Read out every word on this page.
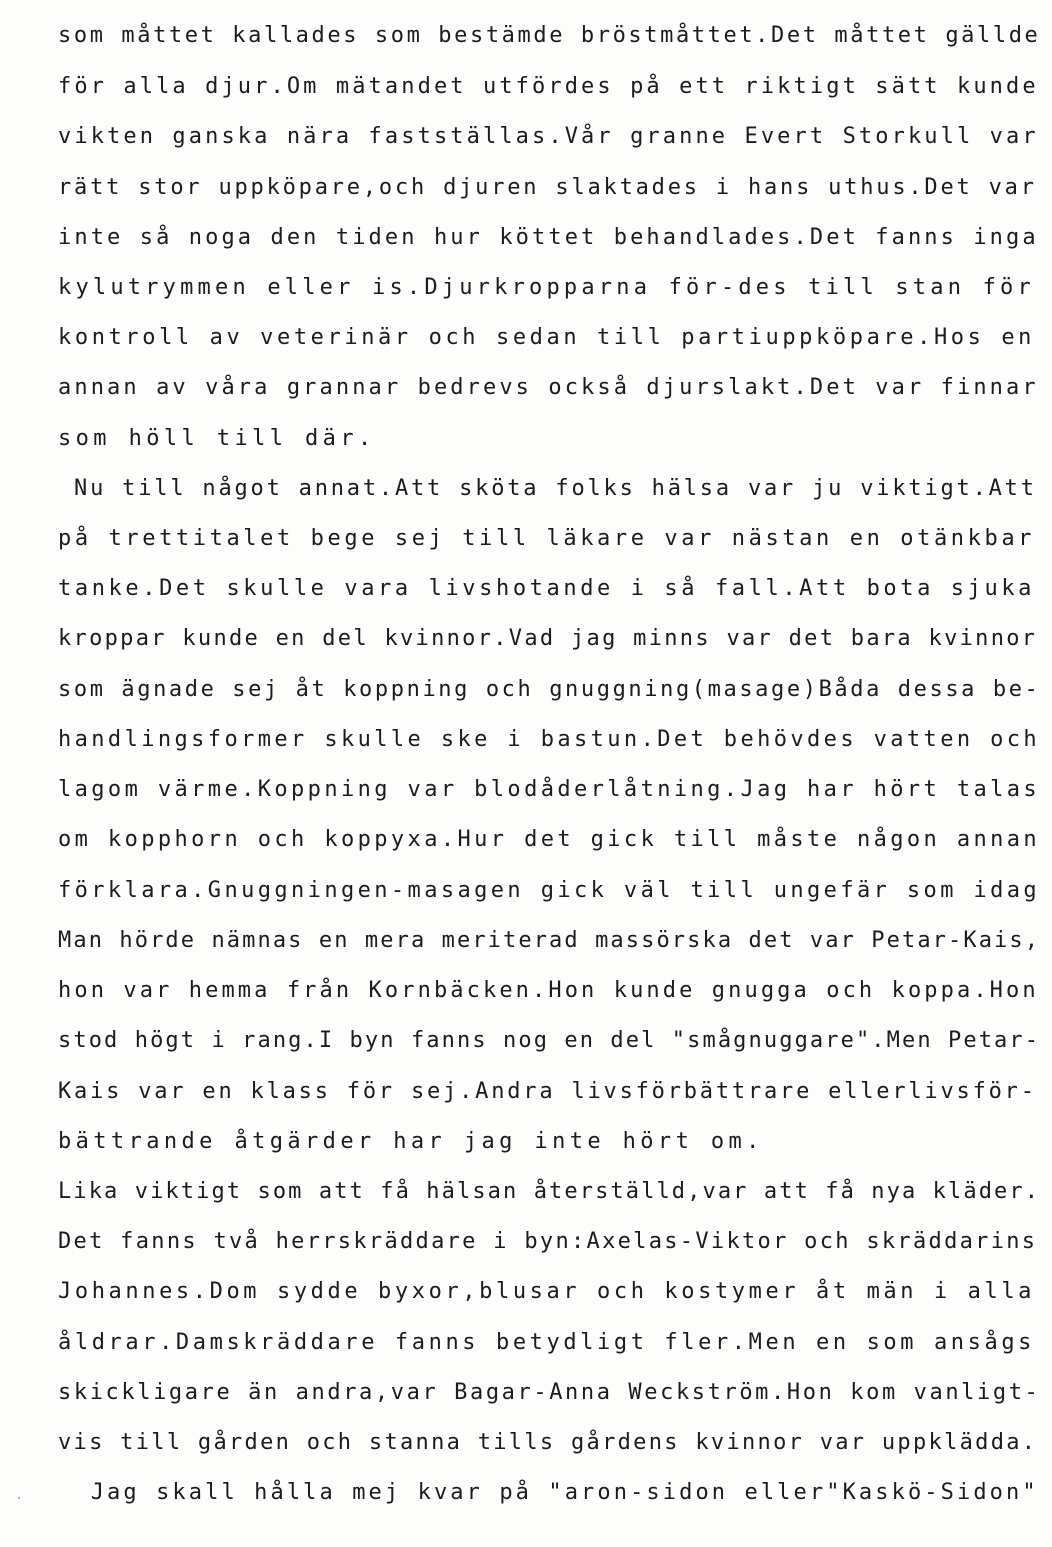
som måttet kallades som bestämde bröstmåttet.Det måttet gällde
för alla djur.Om mätandet utfördes på ett riktigt sätt kunde
vikten ganska nära fastställas.Vår granne Evert Storkull var
rätt stor uppköpare,och djuren slaktades i hans uthus.Det var
inte så noga den tiden hur köttet behandlades.Det fanns inga
kylutrymmen eller is.Djurkropparna för-des till stan för
kontroll av veterinär och sedan till partiuppköpare.Hos en
annan av våra grannar bedrevs också djurslakt.Det var finnar
som höll till där.
Nu till något annat.Att sköta folks hälsa var ju viktigt.Att
på trettitalet bege sej till läkare var nästan en otänkbar
tanke.Det skulle vara livshotande i så fall.Att bota sjuka
kroppar kunde en del kvinnor.Vad jag minns var det bara kvinnor
som ägnade sej åt koppning och gnuggning(masage)Båda dessa be-
handlingsformer skulle ske i bastun.Det behövdes vatten och
lagom värme.Koppning var blodåderlåtning.Jag har hört talas
om kopphorn och koppyxa.Hur det gick till måste någon annan
förklara.Gnuggningen-masagen gick väl till ungefär som idag
Man hörde nämnas en mera meriterad massörska det var Petar-Kais,
hon var hemma från Kornbäcken.Hon kunde gnugga och koppa.Hon
stod högt i rang.I byn fanns nog en del "smågnuggare".Men Petar-
Kais var en klass för sej.Andra livsförbättrare ellerlivsför-
bättrande åtgärder har jag inte hört om.
Lika viktigt som att få hälsan återställd,var att få nya kläder.
Det fanns två herrskräddare i byn:Axelas-Viktor och skräddarins
Johannes.Dom sydde byxor,blusar och kostymer åt män i alla
åldrar.Damskräddare fanns betydligt fler.Men en som ansågs
skickligare än andra,var Bagar-Anna Weckström.Hon kom vanligt-
vis till gården och stanna tills gårdens kvinnor var uppklädda.
Jag skall hålla mej kvar på "aron-sidon eller"Kaskö-Sidon"
